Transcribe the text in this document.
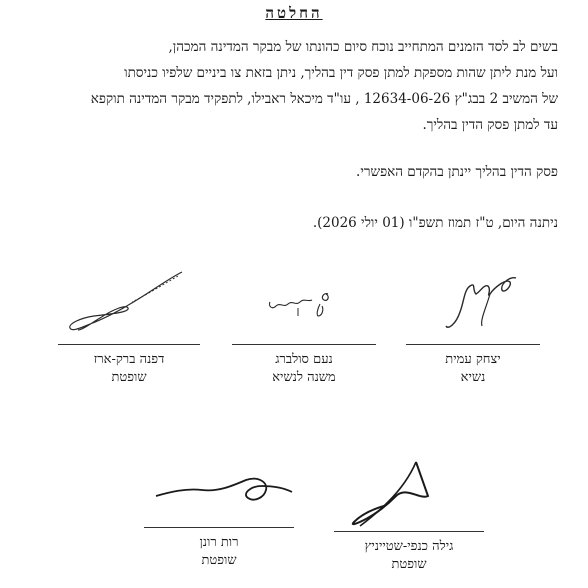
החלטה
בשים לב לסד הזמנים המתחייב נוכח סיום כהונתו של מבקר המדינה המכהן,
ועל מנת ליתן שהות מספקת למתן פסק דין בהליך, ניתן בזאת צו ביניים שלפיו כניסתו
של המשיב 2 בבג"ץ 12634-06-26 , עו"ד מיכאל ראבילו, לתפקיד מבקר המדינה תוקפא
עד למתן פסק הדין בהליך.
פסק הדין בהליך יינתן בהקדם האפשרי.
ניתנה היום, ט"ז תמוז תשפ"ו (01 יולי 2026).
יצחק עמית
נשיא
נעם סולברג
משנה לנשיא
דפנה ברק-ארז
שופטת
גילה כנפי-שטייניץ
שופטת
רות רונן
שופטת
